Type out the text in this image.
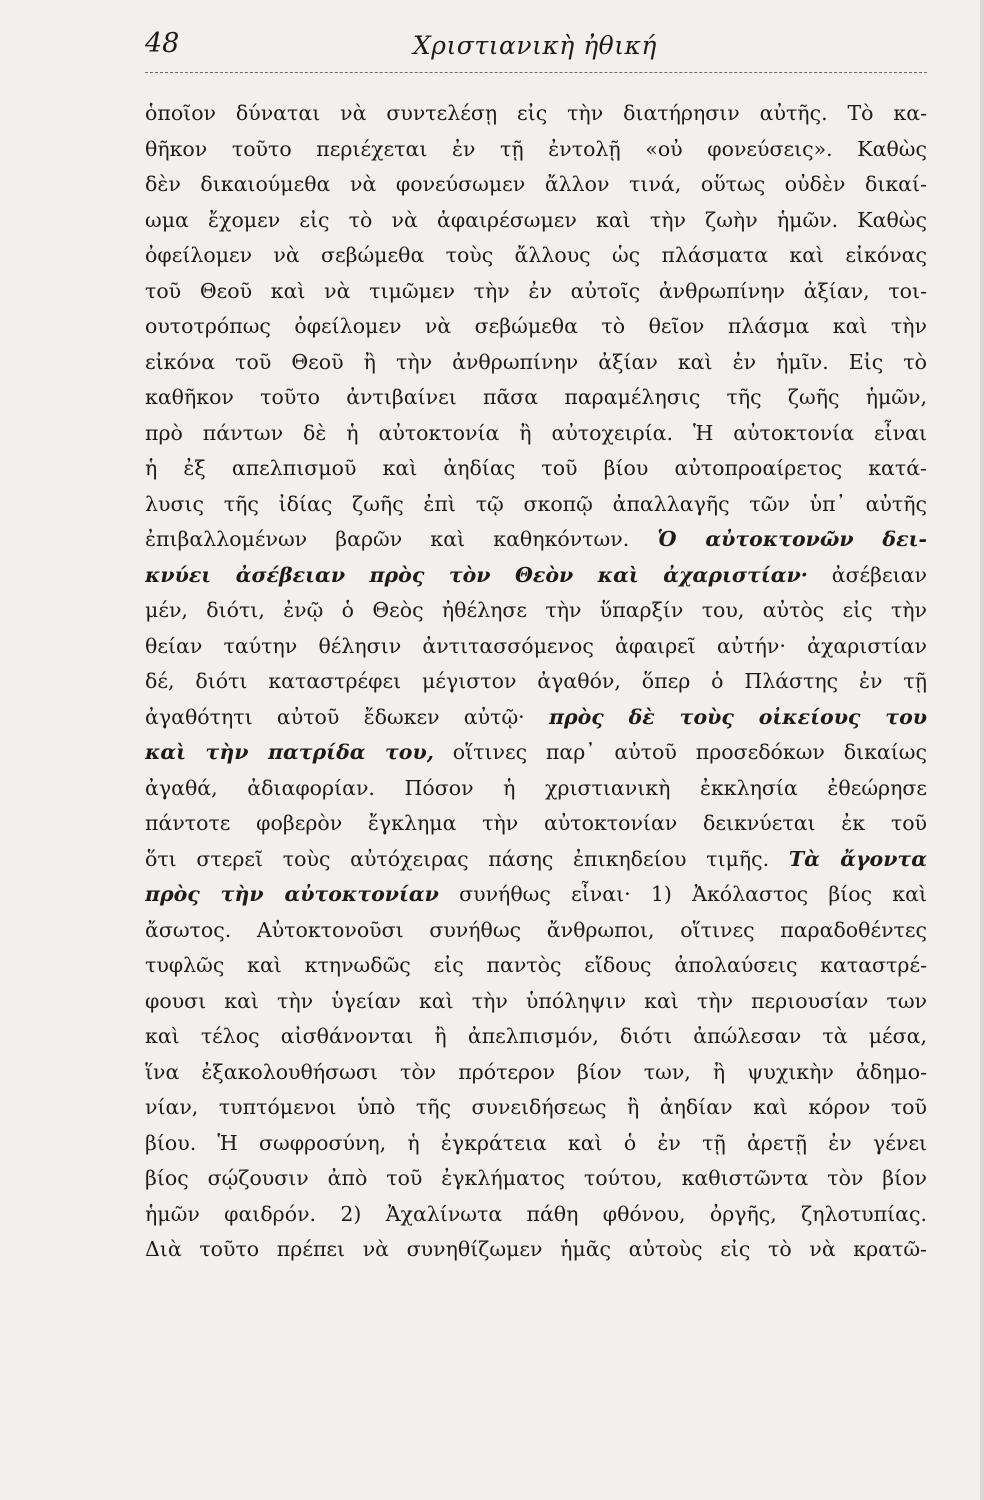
48	Χριστιανικὴ ἠθική
ὁποῖον δύναται νὰ συντελέσῃ εἰς τὴν διατήρησιν αὐτῆς. Τὸ κα-
θῆκον τοῦτο περιέχεται ἐν τῇ ἐντολῇ «οὐ φονεύσεις». Καθὼς
δὲν δικαιούμεθα νὰ φονεύσωμεν ἄλλον τινά, οὕτως οὐδὲν δικαί-
ωμα ἔχομεν εἰς τὸ νὰ ἀφαιρέσωμεν καὶ τὴν ζωὴν ἡμῶν. Καθὼς
ὀφείλομεν νὰ σεβώμεθα τοὺς ἄλλους ὡς πλάσματα καὶ εἰκόνας
τοῦ Θεοῦ καὶ νὰ τιμῶμεν τὴν ἐν αὐτοῖς ἀνθρωπίνην ἀξίαν, τοι-
ουτοτρόπως ὀφείλομεν νὰ σεβώμεθα τὸ θεῖον πλάσμα καὶ τὴν
εἰκόνα τοῦ Θεοῦ ἢ τὴν ἀνθρωπίνην ἀξίαν καὶ ἐν ἡμῖν. Εἰς τὸ
καθῆκον τοῦτο ἀντιβαίνει πᾶσα παραμέλησις τῆς ζωῆς ἡμῶν,
πρὸ πάντων δὲ ἡ αὐτοκτονία ἢ αὐτοχειρία. Ἡ αὐτοκτονία εἶναι
ἡ ἐξ απελπισμοῦ καὶ ἀηδίας τοῦ βίου αὐτοπροαίρετος κατά-
λυσις τῆς ἰδίας ζωῆς ἐπὶ τῷ σκοπῷ ἀπαλλαγῆς τῶν ὑπ᾽ αὐτῆς
ἐπιβαλλομένων βαρῶν καὶ καθηκόντων. Ὁ αὐτοκτονῶν δει-
κνύει ἀσέβειαν πρὸς τὸν Θεὸν καὶ ἀχαριστίαν· ἀσέβειαν
μέν, διότι, ἐνῷ ὁ Θεὸς ἠθέλησε τὴν ὕπαρξίν του, αὐτὸς εἰς τὴν
θείαν ταύτην θέλησιν ἀντιτασσόμενος ἀφαιρεῖ αὐτήν· ἀχαριστίαν
δέ, διότι καταστρέφει μέγιστον ἀγαθόν, ὅπερ ὁ Πλάστης ἐν τῇ
ἀγαθότητι αὐτοῦ ἔδωκεν αὐτῷ· πρὸς δὲ τοὺς οἰκείους του
καὶ τὴν πατρίδα του, οἵτινες παρ᾽ αὐτοῦ προσεδόκων δικαίως
ἀγαθά, ἀδιαφορίαν. Πόσον ἡ χριστιανικὴ ἐκκλησία ἐθεώρησε
πάντοτε φοβερὸν ἔγκλημα τὴν αὐτοκτονίαν δεικνύεται ἐκ τοῦ
ὅτι στερεῖ τοὺς αὐτόχειρας πάσης ἐπικηδείου τιμῆς. Τὰ ἄγοντα
πρὸς τὴν αὐτοκτονίαν συνήθως εἶναι· 1) Ἀκόλαστος βίος καὶ
ἄσωτος. Αὐτοκτονοῦσι συνήθως ἄνθρωποι, οἵτινες παραδοθέντες
τυφλῶς καὶ κτηνωδῶς εἰς παντὸς εἴδους ἀπολαύσεις καταστρέ-
φουσι καὶ τὴν ὑγείαν καὶ τὴν ὑπόληψιν καὶ τὴν περιουσίαν των
καὶ τέλος αἰσθάνονται ἢ ἀπελπισμόν, διότι ἀπώλεσαν τὰ μέσα,
ἵνα ἐξακολουθήσωσι τὸν πρότερον βίον των, ἢ ψυχικὴν ἀδημο-
νίαν, τυπτόμενοι ὑπὸ τῆς συνειδήσεως ἢ ἀηδίαν καὶ κόρον τοῦ
βίου. Ἡ σωφροσύνη, ἡ ἐγκράτεια καὶ ὁ ἐν τῇ ἀρετῇ ἐν γένει
βίος σῴζουσιν ἀπὸ τοῦ ἐγκλήματος τούτου, καθιστῶντα τὸν βίον
ἡμῶν φαιδρόν. 2) Ἀχαλίνωτα πάθη φθόνου, ὀργῆς, ζηλοτυπίας.
Διὰ τοῦτο πρέπει νὰ συνηθίζωμεν ἡμᾶς αὐτοὺς εἰς τὸ νὰ κρατῶ-
